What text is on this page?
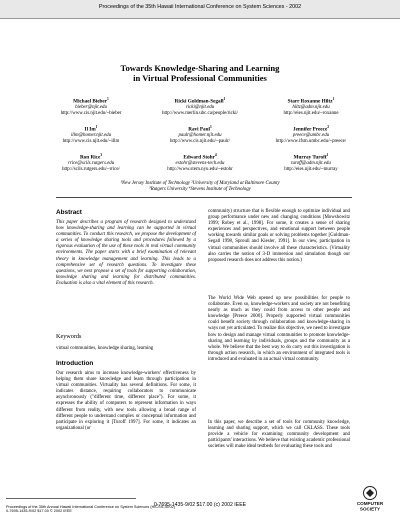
Proceedings of the 35th Hawaii International Conference on System Sciences - 2002
Towards Knowledge-Sharing and Learning
in Virtual Professional Communities
Michael Bieber$^1$
bieber@njit.edu
http://www.cis.njit.edu/~bieber
Ricki Goldman-Segall$^1$
ricki@njit.edu
http://www.merlin.ubc.ca/people/ricki/
Starr Roxanne Hiltz$^1$
hiltz@adm.njit.edu
http://eies.njit.edu/~roxanne
Il Im$^1$
illm@homer.njit.edu
http://www.cis.njit.edu/~illm
Ravi Paul$^1$
paulr@homer.njit.edu
http://www.cis.njit.edu/~paulr/
Jennifer Preece$^2$
preece@umbc.edu
http://www.ifsm.umbc.edu/~preece/
Ron Rice$^3$
rrice@scils.rutgers.edu
http://scils.rutgers.edu/~rrice/
Edward Stohr$^4$
estohr@stevens-tech.edu
http://www.stern.nyu.edu/~estohr
Murray Turoff$^1$
turoff@adm.njit.edu
http://eies.njit.edu/~murray
¹New Jersey Institute of Technology ²University of Maryland at Baltimore County
³Rutgers University ⁴Stevens Institute of Technology
Abstract
This paper describes a program of research designed to understand how knowledge-sharing and learning can be supported in virtual communities. To conduct this research, we propose the development of a series of knowledge sharing tools and procedures followed by a rigorous evaluation of the use of these tools in real virtual community environments. The paper starts with a brief examination of relevant theory in knowledge management and learning. This leads to a comprehensive set of research questions. To investigate these questions, we next propose a set of tools for supporting collaboration, knowledge sharing and learning for distributed communities. Evaluation is also a vital element of this research.
Keywords
virtual communities, knowledge sharing, learning
Introduction
Our research aims to increase knowledge-workers' effectiveness by helping them share knowledge and learn through participation in virtual communities. Virtuality has several definitions. For some, it indicates distance, requiring collaborators to communicate asynchronously ("different time, different place"). For some, it expresses the ability of computers to represent information in ways different from reality, with new tools allowing a broad range of different people to understand complex or conceptual information and participate in exploring it [Turoff 1997]. For some, it indicates an organizational (or
community) structure that is flexible enough to optimize individual and group performance under new and changing conditions [Mowshowitz 1999; Robey et al., 1998]. For some, it creates a sense of sharing experiences and perspectives, and emotional support between people working towards similar goals or solving problems together [Goldman-Segall 1998, Sproull and Kiesler, 1991]. In our view, participation in virtual communities should involve all these characteristics. (Virtuality also carries the notion of 3-D immersion and simulation though our proposed research does not address this notion.)
The World Wide Web opened up new possibilities for people to collaborate. Even so, knowledge-workers and society are not benefiting nearly as much as they could from access to other people and knowledge [Preece 2000]. Properly supported virtual communities could benefit society through collaboration and knowledge-sharing in ways not yet articulated. To realize this objective, we need to investigate how to design and manage virtual communities to promote knowledge-sharing and learning by individuals, groups and the community as a whole. We believe that the best way to do carry out this investigation is through action research, in which an environment of integrated tools is introduced and evaluated in an actual virtual community.
In this paper, we describe a set of tools for community knowledge, learning and sharing support, which we call CKLASS. These tools provide a vehicle for examining community development and participants' interactions. We believe that existing academic professional societies will make ideal testbeds for evaluating these tools and
0-7695-1435-9/02 $17.00 (c) 2002 IEEE
Proceedings of the 35th Annual Hawaii International Conference on System Sciences (HICSS-35'02)
0-7695-1435-9/02 $17.00 © 2002 IEEE
COMPUTER
SOCIETY
